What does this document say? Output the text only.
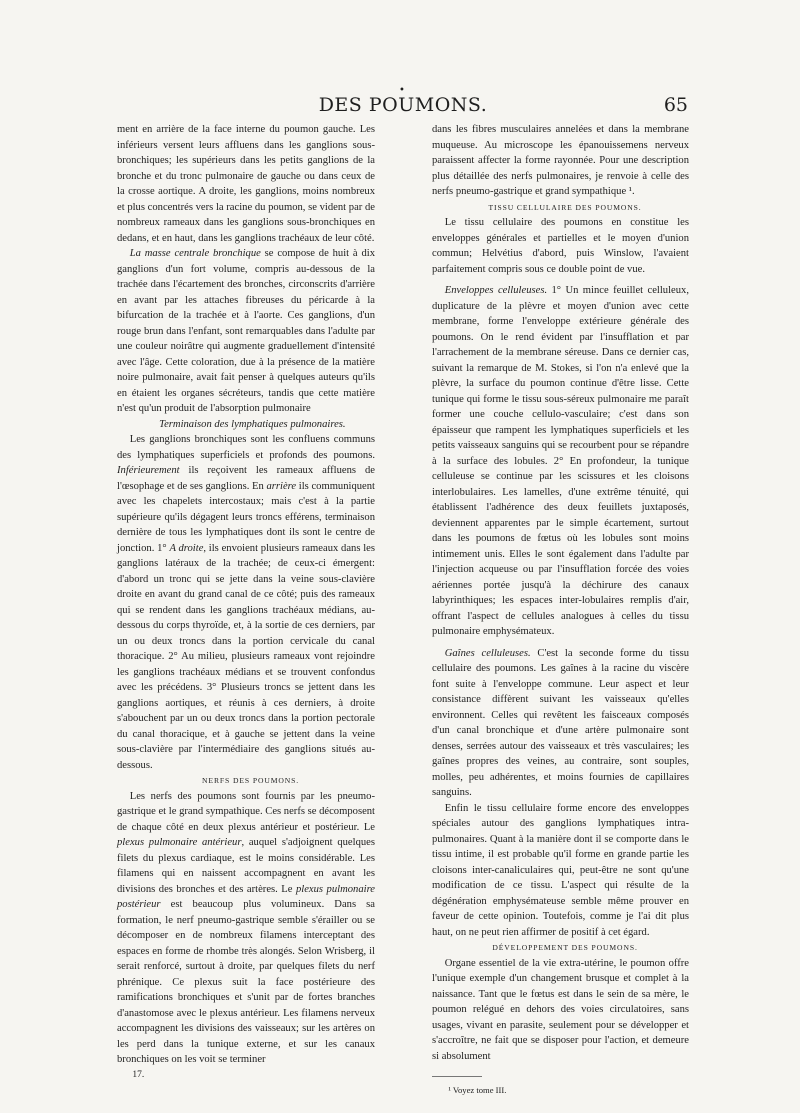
•
DES POUMONS.	65

ment en arrière de la face interne du poumon gauche. Les inférieurs versent leurs affluens dans les ganglions sous-bronchiques; les supérieurs dans les petits ganglions de la bronche et du tronc pulmonaire de gauche ou dans ceux de la crosse aortique. A droite, les ganglions, moins nombreux et plus concentrés vers la racine du poumon, se vident par de nombreux rameaux dans les ganglions sous-bronchiques en dedans, et en haut, dans les ganglions trachéaux de leur côté.

La masse centrale bronchique se compose de huit à dix ganglions d'un fort volume, compris au-dessous de la trachée dans l'écartement des bronches, circonscrits d'arrière en avant par les attaches fibreuses du péricarde à la bifurcation de la trachée et à l'aorte. Ces ganglions, d'un rouge brun dans l'enfant, sont remarquables dans l'adulte par une couleur noirâtre qui augmente graduellement d'intensité avec l'âge. Cette coloration, due à la présence de la matière noire pulmonaire, avait fait penser à quelques auteurs qu'ils en étaient les organes sécréteurs, tandis que cette matière n'est qu'un produit de l'absorption pulmonaire

Terminaison des lymphatiques pulmonaires.

Les ganglions bronchiques sont les confluens communs des lymphatiques superficiels et profonds des poumons. Inférieurement ils reçoivent les rameaux affluens de l'œsophage et de ses ganglions. En arrière ils communiquent avec les chapelets intercostaux; mais c'est à la partie supérieure qu'ils dégagent leurs troncs efférens, terminaison dernière de tous les lymphatiques dont ils sont le centre de jonction. 1° A droite, ils envoient plusieurs rameaux dans les ganglions latéraux de la trachée; de ceux-ci émergent: d'abord un tronc qui se jette dans la veine sous-clavière droite en avant du grand canal de ce côté; puis des rameaux qui se rendent dans les ganglions trachéaux médians, au-dessous du corps thyroïde, et, à la sortie de ces derniers, par un ou deux troncs dans la portion cervicale du canal thoracique. 2° Au milieu, plusieurs rameaux vont rejoindre les ganglions trachéaux médians et se trouvent confondus avec les précédens. 3° Plusieurs troncs se jettent dans les ganglions aortiques, et réunis à ces derniers, à droite s'abouchent par un ou deux troncs dans la portion pectorale du canal thoracique, et à gauche se jettent dans la veine sous-clavière par l'intermédiaire des ganglions situés au-dessous.

NERFS DES POUMONS.

Les nerfs des poumons sont fournis par les pneumo-gastrique et le grand sympathique. Ces nerfs se décomposent de chaque côté en deux plexus antérieur et postérieur. Le plexus pulmonaire antérieur, auquel s'adjoignent quelques filets du plexus cardiaque, est le moins considérable. Les filamens qui en naissent accompagnent en avant les divisions des bronches et des artères. Le plexus pulmonaire postérieur est beaucoup plus volumineux. Dans sa formation, le nerf pneumo-gastrique semble s'érailler ou se décomposer en de nombreux filamens interceptant des espaces en forme de rhombe très alongés. Selon Wrisberg, il serait renforcé, surtout à droite, par quelques filets du nerf phrénique. Ce plexus suit la face postérieure des ramifications bronchiques et s'unit par de fortes branches d'anastomose avec le plexus antérieur. Les filamens nerveux accompagnent les divisions des vaisseaux; sur les artères on les perd dans la tunique externe, et sur les canaux bronchiques on les voit se terminer

17.

dans les fibres musculaires annelées et dans la membrane muqueuse. Au microscope les épanouissemens nerveux paraissent affecter la forme rayonnée. Pour une description plus détaillée des nerfs pulmonaires, je renvoie à celle des nerfs pneumo-gastrique et grand sympathique ¹.

TISSU CELLULAIRE DES POUMONS.

Le tissu cellulaire des poumons en constitue les enveloppes générales et partielles et le moyen d'union commun; Helvétius d'abord, puis Winslow, l'avaient parfaitement compris sous ce double point de vue.

Enveloppes celluleuses. 1° Un mince feuillet celluleux, duplicature de la plèvre et moyen d'union avec cette membrane, forme l'enveloppe extérieure générale des poumons. On le rend évident par l'insufflation et par l'arrachement de la membrane séreuse. Dans ce dernier cas, suivant la remarque de M. Stokes, si l'on n'a enlevé que la plèvre, la surface du poumon continue d'être lisse. Cette tunique qui forme le tissu sous-séreux pulmonaire me paraît former une couche cellulo-vasculaire; c'est dans son épaisseur que rampent les lymphatiques superficiels et les petits vaisseaux sanguins qui se recourbent pour se répandre à la surface des lobules. 2° En profondeur, la tunique celluleuse se continue par les scissures et les cloisons interlobulaires. Les lamelles, d'une extrême ténuité, qui établissent l'adhérence des deux feuillets juxtaposés, deviennent apparentes par le simple écartement, surtout dans les poumons de fœtus où les lobules sont moins intimement unis. Elles le sont également dans l'adulte par l'injection acqueuse ou par l'insufflation forcée des voies aériennes portée jusqu'à la déchirure des canaux labyrinthiques; les espaces inter-lobulaires remplis d'air, offrant l'aspect de cellules analogues à celles du tissu pulmonaire emphysémateux.

Gaînes celluleuses. C'est la seconde forme du tissu cellulaire des poumons. Les gaînes à la racine du viscère font suite à l'enveloppe commune. Leur aspect et leur consistance diffèrent suivant les vaisseaux qu'elles environnent. Celles qui revêtent les faisceaux composés d'un canal bronchique et d'une artère pulmonaire sont denses, serrées autour des vaisseaux et très vasculaires; les gaînes propres des veines, au contraire, sont souples, molles, peu adhérentes, et moins fournies de capillaires sanguins.

Enfin le tissu cellulaire forme encore des enveloppes spéciales autour des ganglions lymphatiques intra-pulmonaires. Quant à la manière dont il se comporte dans le tissu intime, il est probable qu'il forme en grande partie les cloisons inter-canaliculaires qui, peut-être ne sont qu'une modification de ce tissu. L'aspect qui résulte de la dégénération emphysémateuse semble même prouver en faveur de cette opinion. Toutefois, comme je l'ai dit plus haut, on ne peut rien affirmer de positif à cet égard.

DÉVELOPPEMENT DES POUMONS.

Organe essentiel de la vie extra-utérine, le poumon offre l'unique exemple d'un changement brusque et complet à la naissance. Tant que le fœtus est dans le sein de sa mère, le poumon relégué en dehors des voies circulatoires, sans usages, vivant en parasite, seulement pour se développer et s'accroître, ne fait que se disposer pour l'action, et demeure si absolument

¹ Voyez tome III.
